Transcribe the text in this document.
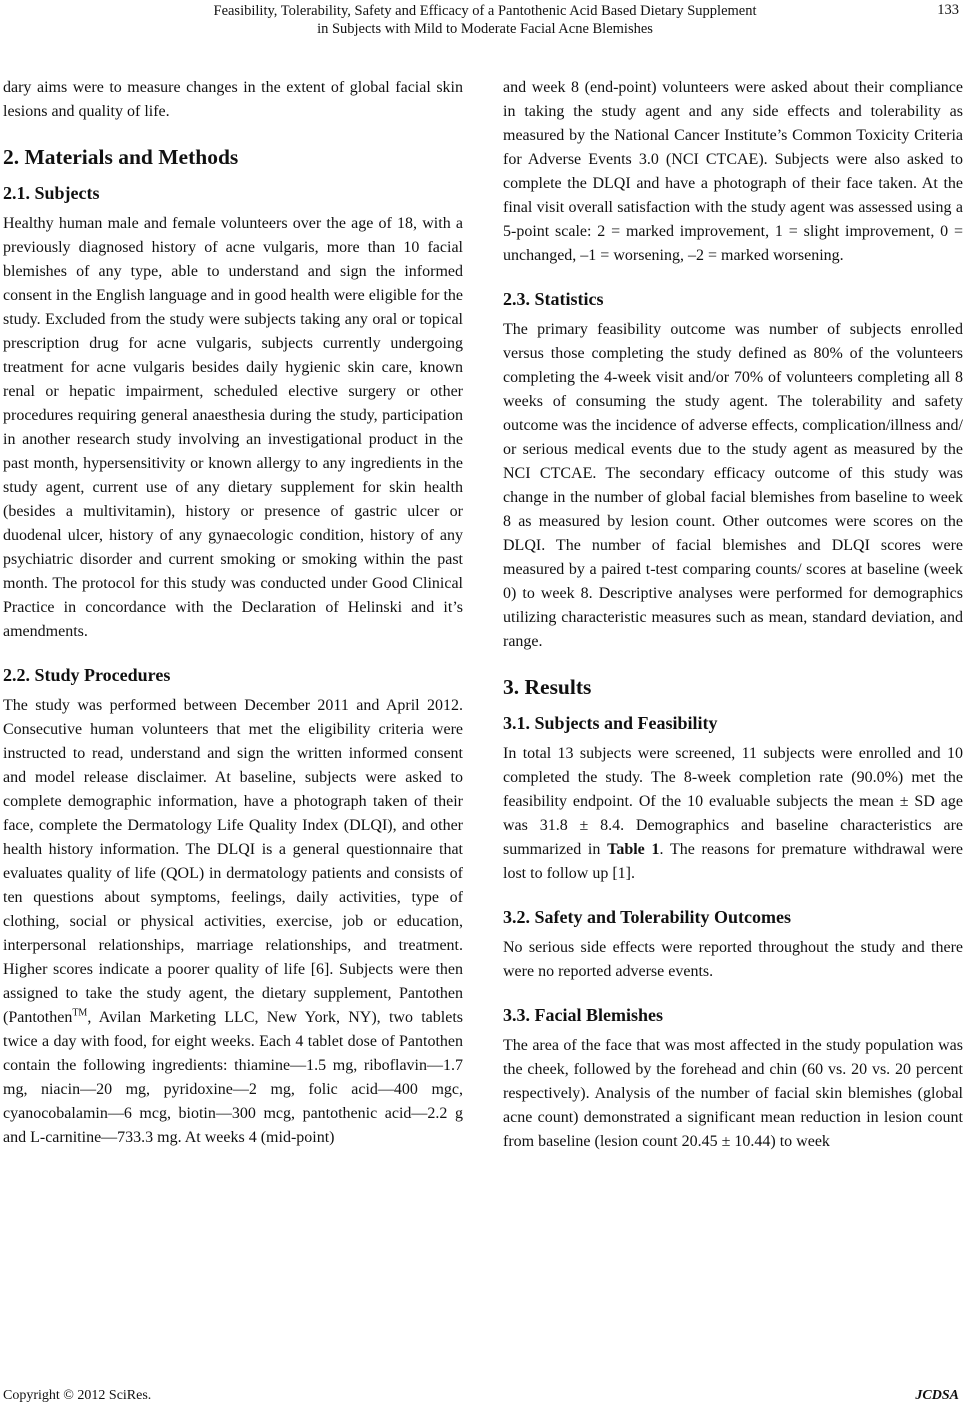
Feasibility, Tolerability, Safety and Efficacy of a Pantothenic Acid Based Dietary Supplement
in Subjects with Mild to Moderate Facial Acne Blemishes
133

dary aims were to measure changes in the extent of global facial skin lesions and quality of life.

2. Materials and Methods
2.1. Subjects

Healthy human male and female volunteers over the age of 18, with a previously diagnosed history of acne vulgaris, more than 10 facial blemishes of any type, able to understand and sign the informed consent in the English language and in good health were eligible for the study. Excluded from the study were subjects taking any oral or topical prescription drug for acne vulgaris, subjects currently undergoing treatment for acne vulgaris besides daily hygienic skin care, known renal or hepatic impairment, scheduled elective surgery or other procedures requiring general anaesthesia during the study, participation in another research study involving an investigational product in the past month, hypersensitivity or known allergy to any ingredients in the study agent, current use of any dietary supplement for skin health (besides a multivitamin), history or presence of gastric ulcer or duodenal ulcer, history of any gynaecologic condition, history of any psychiatric disorder and current smoking or smoking within the past month. The protocol for this study was conducted under Good Clinical Practice in concordance with the Declaration of Helinski and it’s amendments.

2.2. Study Procedures

The study was performed between December 2011 and April 2012. Consecutive human volunteers that met the eligibility criteria were instructed to read, understand and sign the written informed consent and model release disclaimer. At baseline, subjects were asked to complete demographic information, have a photograph taken of their face, complete the Dermatology Life Quality Index (DLQI), and other health history information. The DLQI is a general questionnaire that evaluates quality of life (QOL) in dermatology patients and consists of ten questions about symptoms, feelings, daily activities, type of clothing, social or physical activities, exercise, job or education, interpersonal relationships, marriage relationships, and treatment. Higher scores indicate a poorer quality of life [6]. Subjects were then assigned to take the study agent, the dietary supplement, Pantothen (Pantothen™, Avilan Marketing LLC, New York, NY), two tablets twice a day with food, for eight weeks. Each 4 tablet dose of Pantothen contain the following ingredients: thiamine—1.5 mg, riboflavin—1.7 mg, niacin—20 mg, pyridoxine—2 mg, folic acid—400 mgc, cyanocobalamin—6 mcg, biotin—300 mcg, pantothenic acid—2.2 g and L-carnitine—733.3 mg. At weeks 4 (mid-point)

and week 8 (end-point) volunteers were asked about their compliance in taking the study agent and any side effects and tolerability as measured by the National Cancer Institute’s Common Toxicity Criteria for Adverse Events 3.0 (NCI CTCAE). Subjects were also asked to complete the DLQI and have a photograph of their face taken. At the final visit overall satisfaction with the study agent was assessed using a 5-point scale: 2 = marked improvement, 1 = slight improvement, 0 = unchanged, –1 = worsening, –2 = marked worsening.

2.3. Statistics

The primary feasibility outcome was number of subjects enrolled versus those completing the study defined as 80% of the volunteers completing the 4-week visit and/or 70% of volunteers completing all 8 weeks of consuming the study agent. The tolerability and safety outcome was the incidence of adverse effects, complication/illness and/ or serious medical events due to the study agent as measured by the NCI CTCAE. The secondary efficacy outcome of this study was change in the number of global facial blemishes from baseline to week 8 as measured by lesion count. Other outcomes were scores on the DLQI. The number of facial blemishes and DLQI scores were measured by a paired t-test comparing counts/ scores at baseline (week 0) to week 8. Descriptive analyses were performed for demographics utilizing characteristic measures such as mean, standard deviation, and range.

3. Results
3.1. Subjects and Feasibility

In total 13 subjects were screened, 11 subjects were enrolled and 10 completed the study. The 8-week completion rate (90.0%) met the feasibility endpoint. Of the 10 evaluable subjects the mean ± SD age was 31.8 ± 8.4. Demographics and baseline characteristics are summarized in Table 1. The reasons for premature withdrawal were lost to follow up [1].

3.2. Safety and Tolerability Outcomes

No serious side effects were reported throughout the study and there were no reported adverse events.

3.3. Facial Blemishes

The area of the face that was most affected in the study population was the cheek, followed by the forehead and chin (60 vs. 20 vs. 20 percent respectively). Analysis of the number of facial skin blemishes (global acne count) demonstrated a significant mean reduction in lesion count from baseline (lesion count 20.45 ± 10.44) to week

Copyright © 2012 SciRes.	JCDSA
